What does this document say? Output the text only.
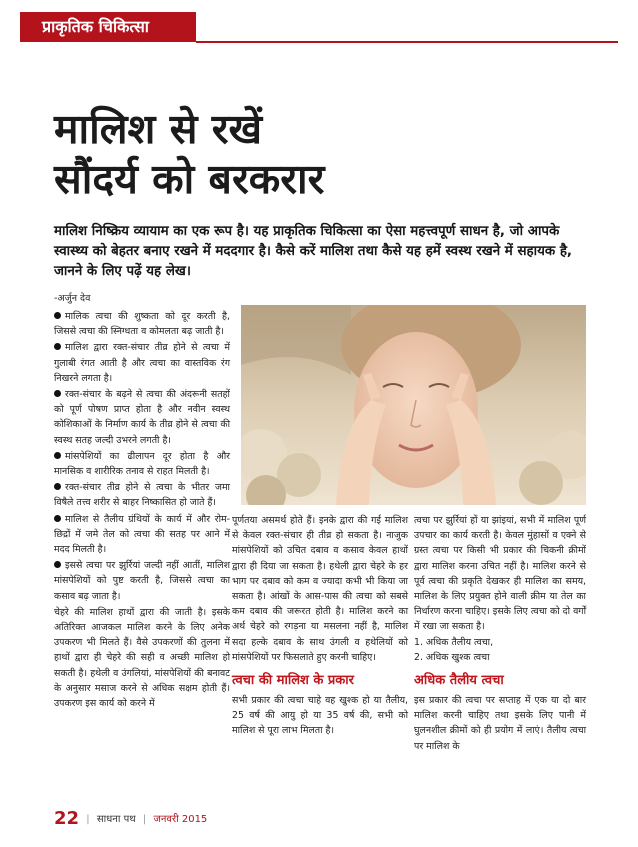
प्राकृतिक चिकित्सा
मालिश से रखें
सौंदर्य को बरकरार
मालिश निष्क्रिय व्यायाम का एक रूप है। यह प्राकृतिक चिकित्सा का ऐसा महत्त्वपूर्ण साधन है, जो आपके स्वास्थ्य को बेहतर बनाए रखने में मददगार है। कैसे करें मालिश तथा कैसे यह हमें स्वस्थ रखने में सहायक है, जानने के लिए पढ़ें यह लेख।
-अर्जुन देव

मालिक त्वचा की शुष्कता को दूर करती है, जिससे त्वचा की स्निग्धता व कोमलता बढ़ जाती है।

मालिश द्वारा रक्त-संचार तीव्र होने से त्वचा में गुलाबी रंगत आती है और त्वचा का वास्तविक रंग निखरने लगता है।

रक्त-संचार के बढ़ने से त्वचा की अंदरूनी सतहों को पूर्ण पोषण प्राप्त होता है और नवीन स्वस्थ कोशिकाओं के निर्माण कार्य के तीव्र होने से त्वचा की स्वस्थ सतह जल्दी उभरने लगती है।

मांसपेशियों का ढीलापन दूर होता है और मानसिक व शारीरिक तनाव से राहत मिलती है।

रक्त-संचार तीव्र होने से त्वचा के भीतर जमा विषैले तत्त्व शरीर से बाहर निष्कासित हो जाते हैं।

मालिश से तैलीय ग्रंथियों के कार्य में और रोम-छिद्रों में जमे तेल को त्वचा की सतह पर आने में मदद मिलती है।

इससे त्वचा पर झुर्रियां जल्दी नहीं आतीं, मालिश मांसपेशियों को पुष्ट करती है, जिससे त्वचा का कसाव बढ़ जाता है।

चेहरे की मालिश हाथों द्वारा की जाती है। इसके अतिरिक्त आजकल मालिश करने के लिए अनेक उपकरण भी मिलते हैं। वैसे उपकरणों की तुलना में हाथों द्वारा ही चेहरे की सही व अच्छी मालिश हो सकती है। हथेली व उंगलियां, मांसपेशियों की बनावट के अनुसार मसाज करने से अधिक सक्षम होती हैं। उपकरण इस कार्य को करने में

पूर्णतया असमर्थ होते हैं। इनके द्वारा की गई मालिश से केवल रक्त-संचार ही तीव्र हो सकता है। नाजुक मांसपेशियों को उचित दबाव व कसाव केवल हाथों द्वारा ही दिया जा सकता है। हथेली द्वारा चेहरे के हर भाग पर दबाव को कम व ज्यादा कभी भी किया जा सकता है। आंखों के आस-पास की त्वचा को सबसे कम दबाव की जरूरत होती है। मालिश करने का अर्थ चेहरे को रगड़ना या मसलना नहीं है, मालिश सदा हल्के दबाव के साथ उंगली व हथेलियों को मांसपेशियों पर फिसलाते हुए करनी चाहिए।

त्वचा की मालिश के प्रकार

सभी प्रकार की त्वचा चाहे वह खुश्क हो या तैलीय, 25 वर्ष की आयु हो या 35 वर्ष की, सभी को मालिश से पूरा लाभ मिलता है।

त्वचा पर झुर्रियां हों या झांइयां, सभी में मालिश पूर्ण उपचार का कार्य करती है। केवल मुंहासों व एक्ने से ग्रस्त त्वचा पर किसी भी प्रकार की चिकनी क्रीमों द्वारा मालिश करना उचित नहीं है। मालिश करने से पूर्व त्वचा की प्रकृति देखकर ही मालिश का समय, मालिश के लिए प्रयुक्त होने वाली क्रीम या तेल का निर्धारण करना चाहिए। इसके लिए त्वचा को दो वर्गों में रखा जा सकता है।

1. अधिक तैलीय त्वचा,

2. अधिक खुश्क त्वचा

अधिक तैलीय त्वचा

इस प्रकार की त्वचा पर सप्ताह में एक या दो बार मालिश करनी चाहिए तथा इसके लिए पानी में घुलनशील क्रीमों को ही प्रयोग में लाएं। तैलीय त्वचा पर मालिश के

22 | साधना पथ | जनवरी 2015
